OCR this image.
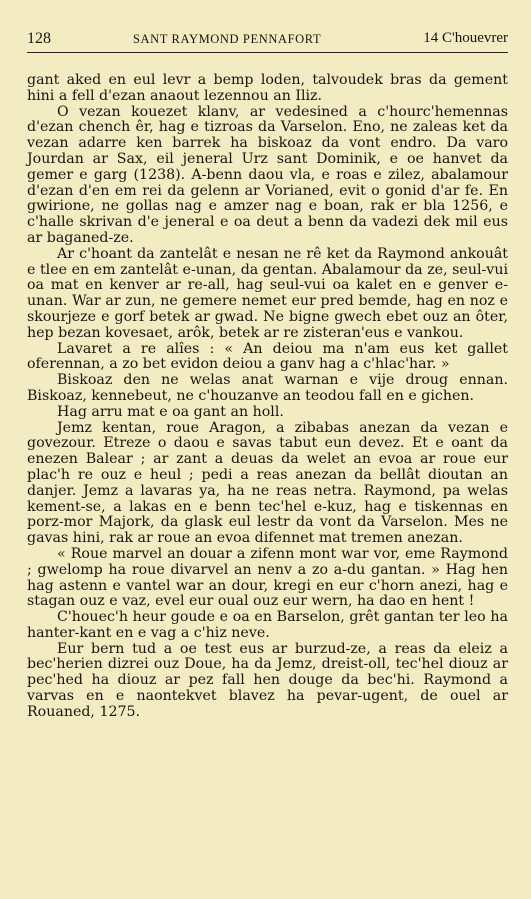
128	SANT RAYMOND PENNAFORT	14 C'houevrer

gant aked en eul levr a bemp loden, talvoudek bras da gement hini a fell d'ezan anaout lezennou an Iliz.

O vezan kouezet klanv, ar vedesined a c'hourc'hemennas d'ezan chench êr, hag e tizroas da Varselon. Eno, ne zaleas ket da vezan adarre ken barrek ha biskoaz da vont endro. Da varo Jourdan ar Sax, eil jeneral Urz sant Dominik, e oe hanvet da gemer e garg (1238). A-benn daou vla, e roas e zilez, abalamour d'ezan d'en em rei da gelenn ar Vorianed, evit o gonid d'ar fe. En gwirione, ne gollas nag e amzer nag e boan, rak er bla 1256, e c'halle skrivan d'e jeneral e oa deut a benn da vadezi dek mil eus ar baganed-ze.

Ar c'hoant da zantelât e nesan ne rê ket da Raymond ankouât e tlee en em zantelât e-unan, da gentan. Abalamour da ze, seul-vui oa mat en kenver ar re-all, hag seul-vui oa kalet en e genver e-unan. War ar zun, ne gemere nemet eur pred bemde, hag en noz e skourjeze e gorf betek ar gwad. Ne bigne gwech ebet ouz an ôter, hep bezan kovesaet, arôk, betek ar re zisteran'eus e vankou.

Lavaret a re alîes : « An deiou ma n'am eus ket gallet oferennan, a zo bet evidon deiou a ganv hag a c'hlac'har. »

Biskoaz den ne welas anat warnan e vije droug ennan. Biskoaz, kennebeut, ne c'houzanve an teodou fall en e gichen.

Hag arru mat e oa gant an holl.

Jemz kentan, roue Aragon, a zibabas anezan da vezan e govezour. Etreze o daou e savas tabut eun devez. Et e oant da enezen Balear ; ar zant a deuas da welet an evoa ar roue eur plac'h re ouz e heul ; pedi a reas anezan da bellât dioutan an danjer. Jemz a lavaras ya, ha ne reas netra. Raymond, pa welas kement-se, a lakas en e benn tec'hel e-kuz, hag e tiskennas en porz-mor Majork, da glask eul lestr da vont da Varselon. Mes ne gavas hini, rak ar roue an evoa difennet mat tremen anezan.

« Roue marvel an douar a zifenn mont war vor, eme Raymond ; gwelomp ha roue divarvel an nenv a zo a-du gantan. » Hag hen hag astenn e vantel war an dour, kregi en eur c'horn anezi, hag e stagan ouz e vaz, evel eur oual ouz eur wern, ha dao en hent !

C'houec'h heur goude e oa en Barselon, grêt gantan ter leo ha hanter-kant en e vag a c'hiz neve.

Eur bern tud a oe test eus ar burzud-ze, a reas da eleiz a bec'herien dizrei ouz Doue, ha da Jemz, dreist-oll, tec'hel diouz ar pec'hed ha diouz ar pez fall hen douge da bec'hi. Raymond a varvas en e naontekvet blavez ha pevar-ugent, de ouel ar Rouaned, 1275.
